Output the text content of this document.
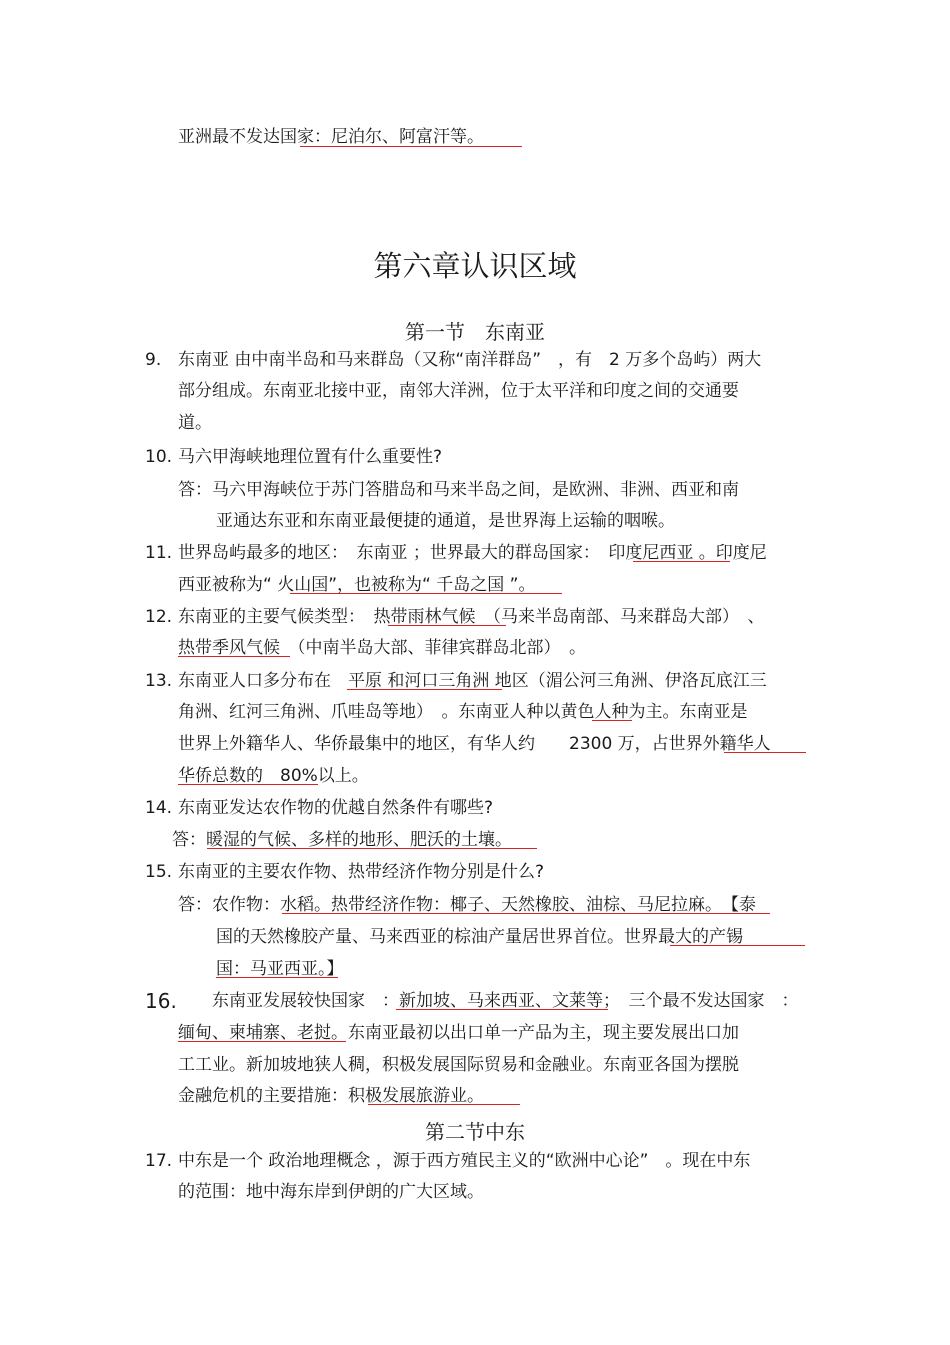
亚洲最不发达国家：尼泊尔、阿富汗等。
第六章认识区域
第一节　东南亚
9. 东南亚 由中南半岛和马来群岛（又称“南洋群岛”　，有　2 万多个岛屿）两大
部分组成。东南亚北接中亚，南邻大洋洲，位于太平洋和印度之间的交通要
道。
10. 马六甲海峡地理位置有什么重要性?
答：马六甲海峡位于苏门答腊岛和马来半岛之间，是欧洲、非洲、西亚和南
亚通达东亚和东南亚最便捷的通道，是世界海上运输的咽喉。
11. 世界岛屿最多的地区：　东南亚 ；世界最大的群岛国家：　印度尼西亚 。印度尼
西亚被称为“ 火山国”，也被称为“ 千岛之国 ”。
12. 东南亚的主要气候类型：　热带雨林气候　（马来半岛南部、马来群岛大部）　、
热带季风气候　（中南半岛大部、菲律宾群岛北部）　。
13. 东南亚人口多分布在　平原 和河口三角洲 地区（湄公河三角洲、伊洛瓦底江三
角洲、红河三角洲、爪哇岛等地）　。东南亚人种以黄色人种为主。东南亚是
世界上外籍华人、华侨最集中的地区，有华人约　　2300 万，占世界外籍华人
华侨总数的　80%以上。
14. 东南亚发达农作物的优越自然条件有哪些?
答：暖湿的气候、多样的地形、肥沃的土壤。
15. 东南亚的主要农作物、热带经济作物分别是什么?
答：农作物：水稻。热带经济作物：椰子、天然橡胶、油棕、马尼拉麻。　【泰
国的天然橡胶产量、马来西亚的棕油产量居世界首位。世界最大的产锡
国：马亚西亚。】
16. 东南亚发展较快国家　：新加坡、马来西亚、文莱等；　三个最不发达国家　：
缅甸、柬埔寨、老挝。东南亚最初以出口单一产品为主，现主要发展出口加
工工业。新加坡地狭人稠，积极发展国际贸易和金融业。东南亚各国为摆脱
金融危机的主要措施：积极发展旅游业。
第二节中东
17. 中东是一个 政治地理概念 ，源于西方殖民主义的“欧洲中心论”　。现在中东
的范围：地中海东岸到伊朗的广大区域。
